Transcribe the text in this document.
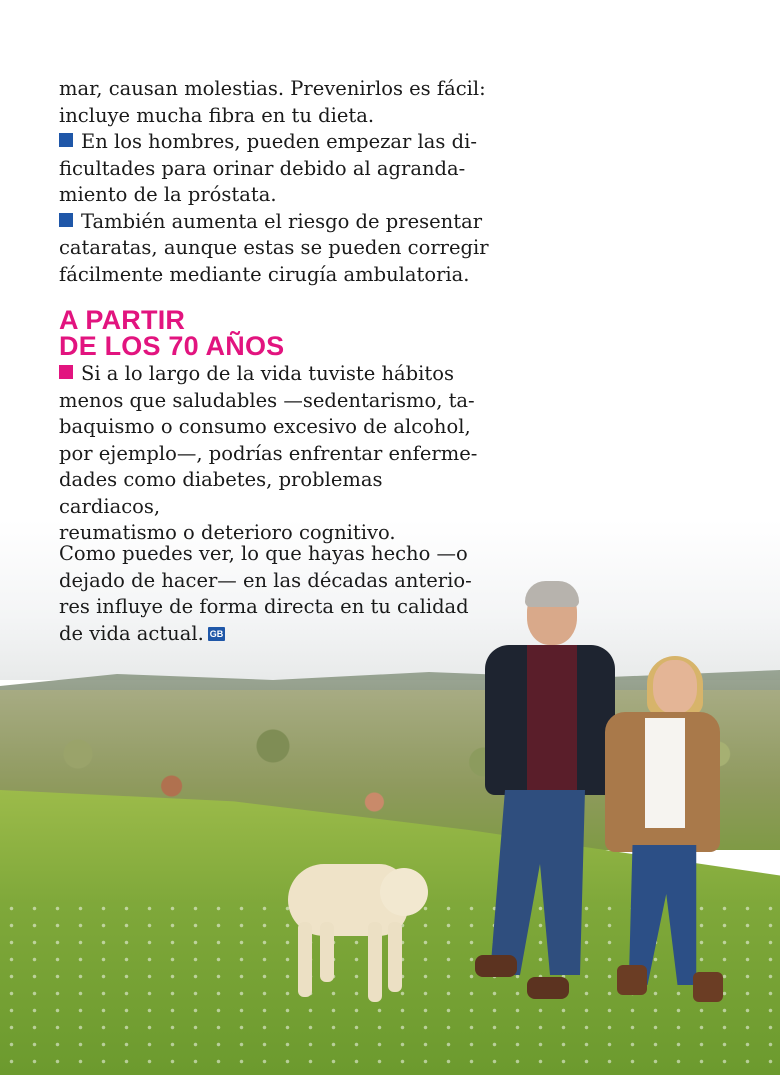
mar, causan molestias. Prevenirlos es fácil:
incluye mucha fibra en tu dieta.

En los hombres, pueden empezar las di-
ficultades para orinar debido al agranda-
miento de la próstata.

También aumenta el riesgo de presentar
cataratas, aunque estas se pueden corregir
fácilmente mediante cirugía ambulatoria.

A PARTIR
DE LOS 70 AÑOS

Si a lo largo de la vida tuviste hábitos
menos que saludables —sedentarismo, ta-
baquismo o consumo excesivo de alcohol,
por ejemplo—, podrías enfrentar enferme-
dades como diabetes, problemas cardiacos,
reumatismo o deterioro cognitivo.

Como puedes ver, lo que hayas hecho —o
dejado de hacer— en las décadas anterio-
res influye de forma directa en tu calidad
de vida actual. GB
